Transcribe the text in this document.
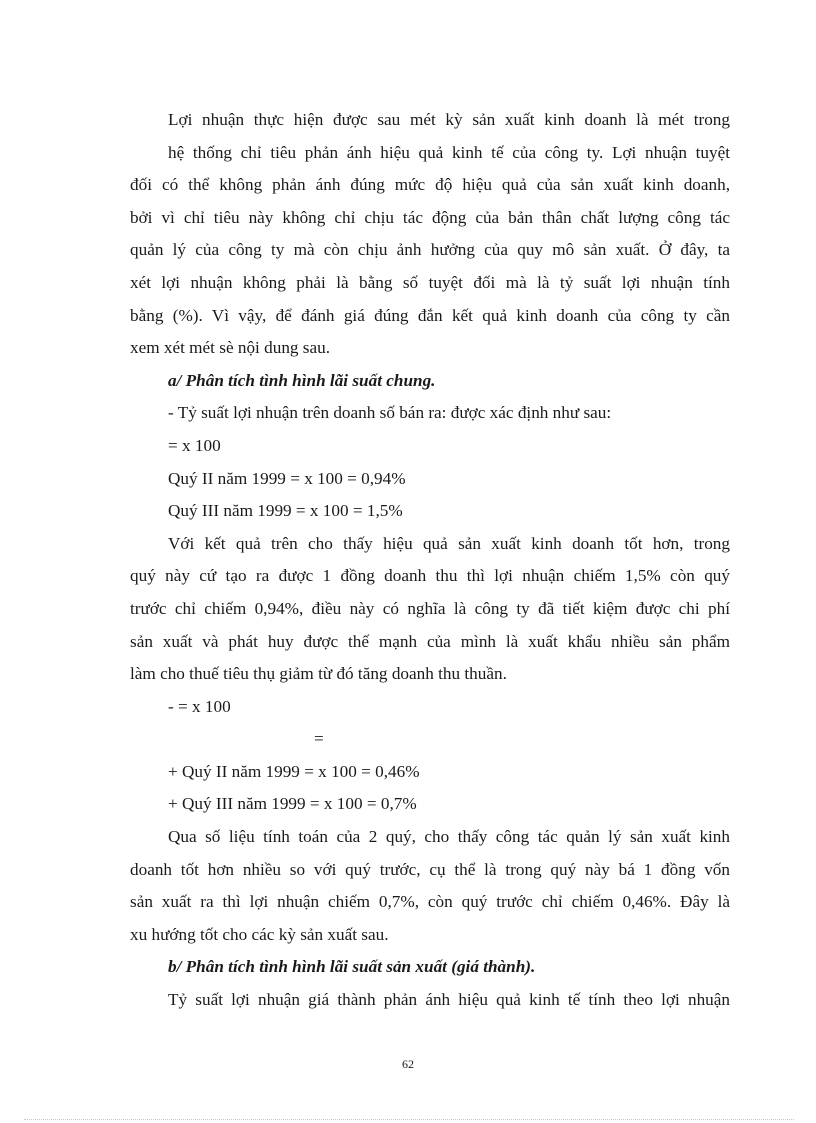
Lợi nhuận thực hiện được sau mét kỳ sản xuất kinh doanh là mét trong
hệ thống chỉ tiêu phản ánh hiệu quả kinh tế của công ty. Lợi nhuận tuyệt
đối có thể không phản ánh đúng mức độ hiệu quả của sản xuất kinh doanh,
bởi vì chỉ tiêu này không chỉ chịu tác động của bản thân chất lượng công tác
quản lý của công ty mà còn chịu ảnh hưởng của quy mô sản xuất. Ở đây, ta
xét lợi nhuận không phải là bằng số tuyệt đối mà là tỷ suất lợi nhuận tính
bằng (%). Vì vậy, để đánh giá đúng đắn kết quả kinh doanh của công ty cần
xem xét mét sè nội dung sau.
a/ Phân tích tình hình lãi suất chung.
- Tỷ suất lợi nhuận trên doanh số bán ra: được xác định như sau:
= x 100
Quý II năm 1999 = x 100 = 0,94%
Quý III năm 1999 = x 100 = 1,5%
Với kết quả trên cho thấy hiệu quả sản xuất kinh doanh tốt hơn, trong
quý này cứ tạo ra được 1 đồng doanh thu thì lợi nhuận chiếm 1,5% còn quý
trước chỉ chiếm 0,94%, điều này có nghĩa là công ty đã tiết kiệm được chi phí
sản xuất và phát huy được thế mạnh của mình là xuất khẩu nhiều sản phẩm
làm cho thuế tiêu thụ giảm từ đó tăng doanh thu thuần.
- = x 100
=
+ Quý II năm 1999 = x 100 = 0,46%
+ Quý III năm 1999 = x 100 = 0,7%
Qua số liệu tính toán của 2 quý, cho thấy công tác quản lý sản xuất kinh
doanh tốt hơn nhiều so với quý trước, cụ thể là trong quý này bá 1 đồng vốn
sản xuất ra thì lợi nhuận chiếm 0,7%, còn quý trước chỉ chiếm 0,46%. Đây là
xu hướng tốt cho các kỳ sản xuất sau.
b/ Phân tích tình hình lãi suất sản xuất (giá thành).
Tỷ suất lợi nhuận giá thành phản ánh hiệu quả kinh tế tính theo lợi nhuận
62
